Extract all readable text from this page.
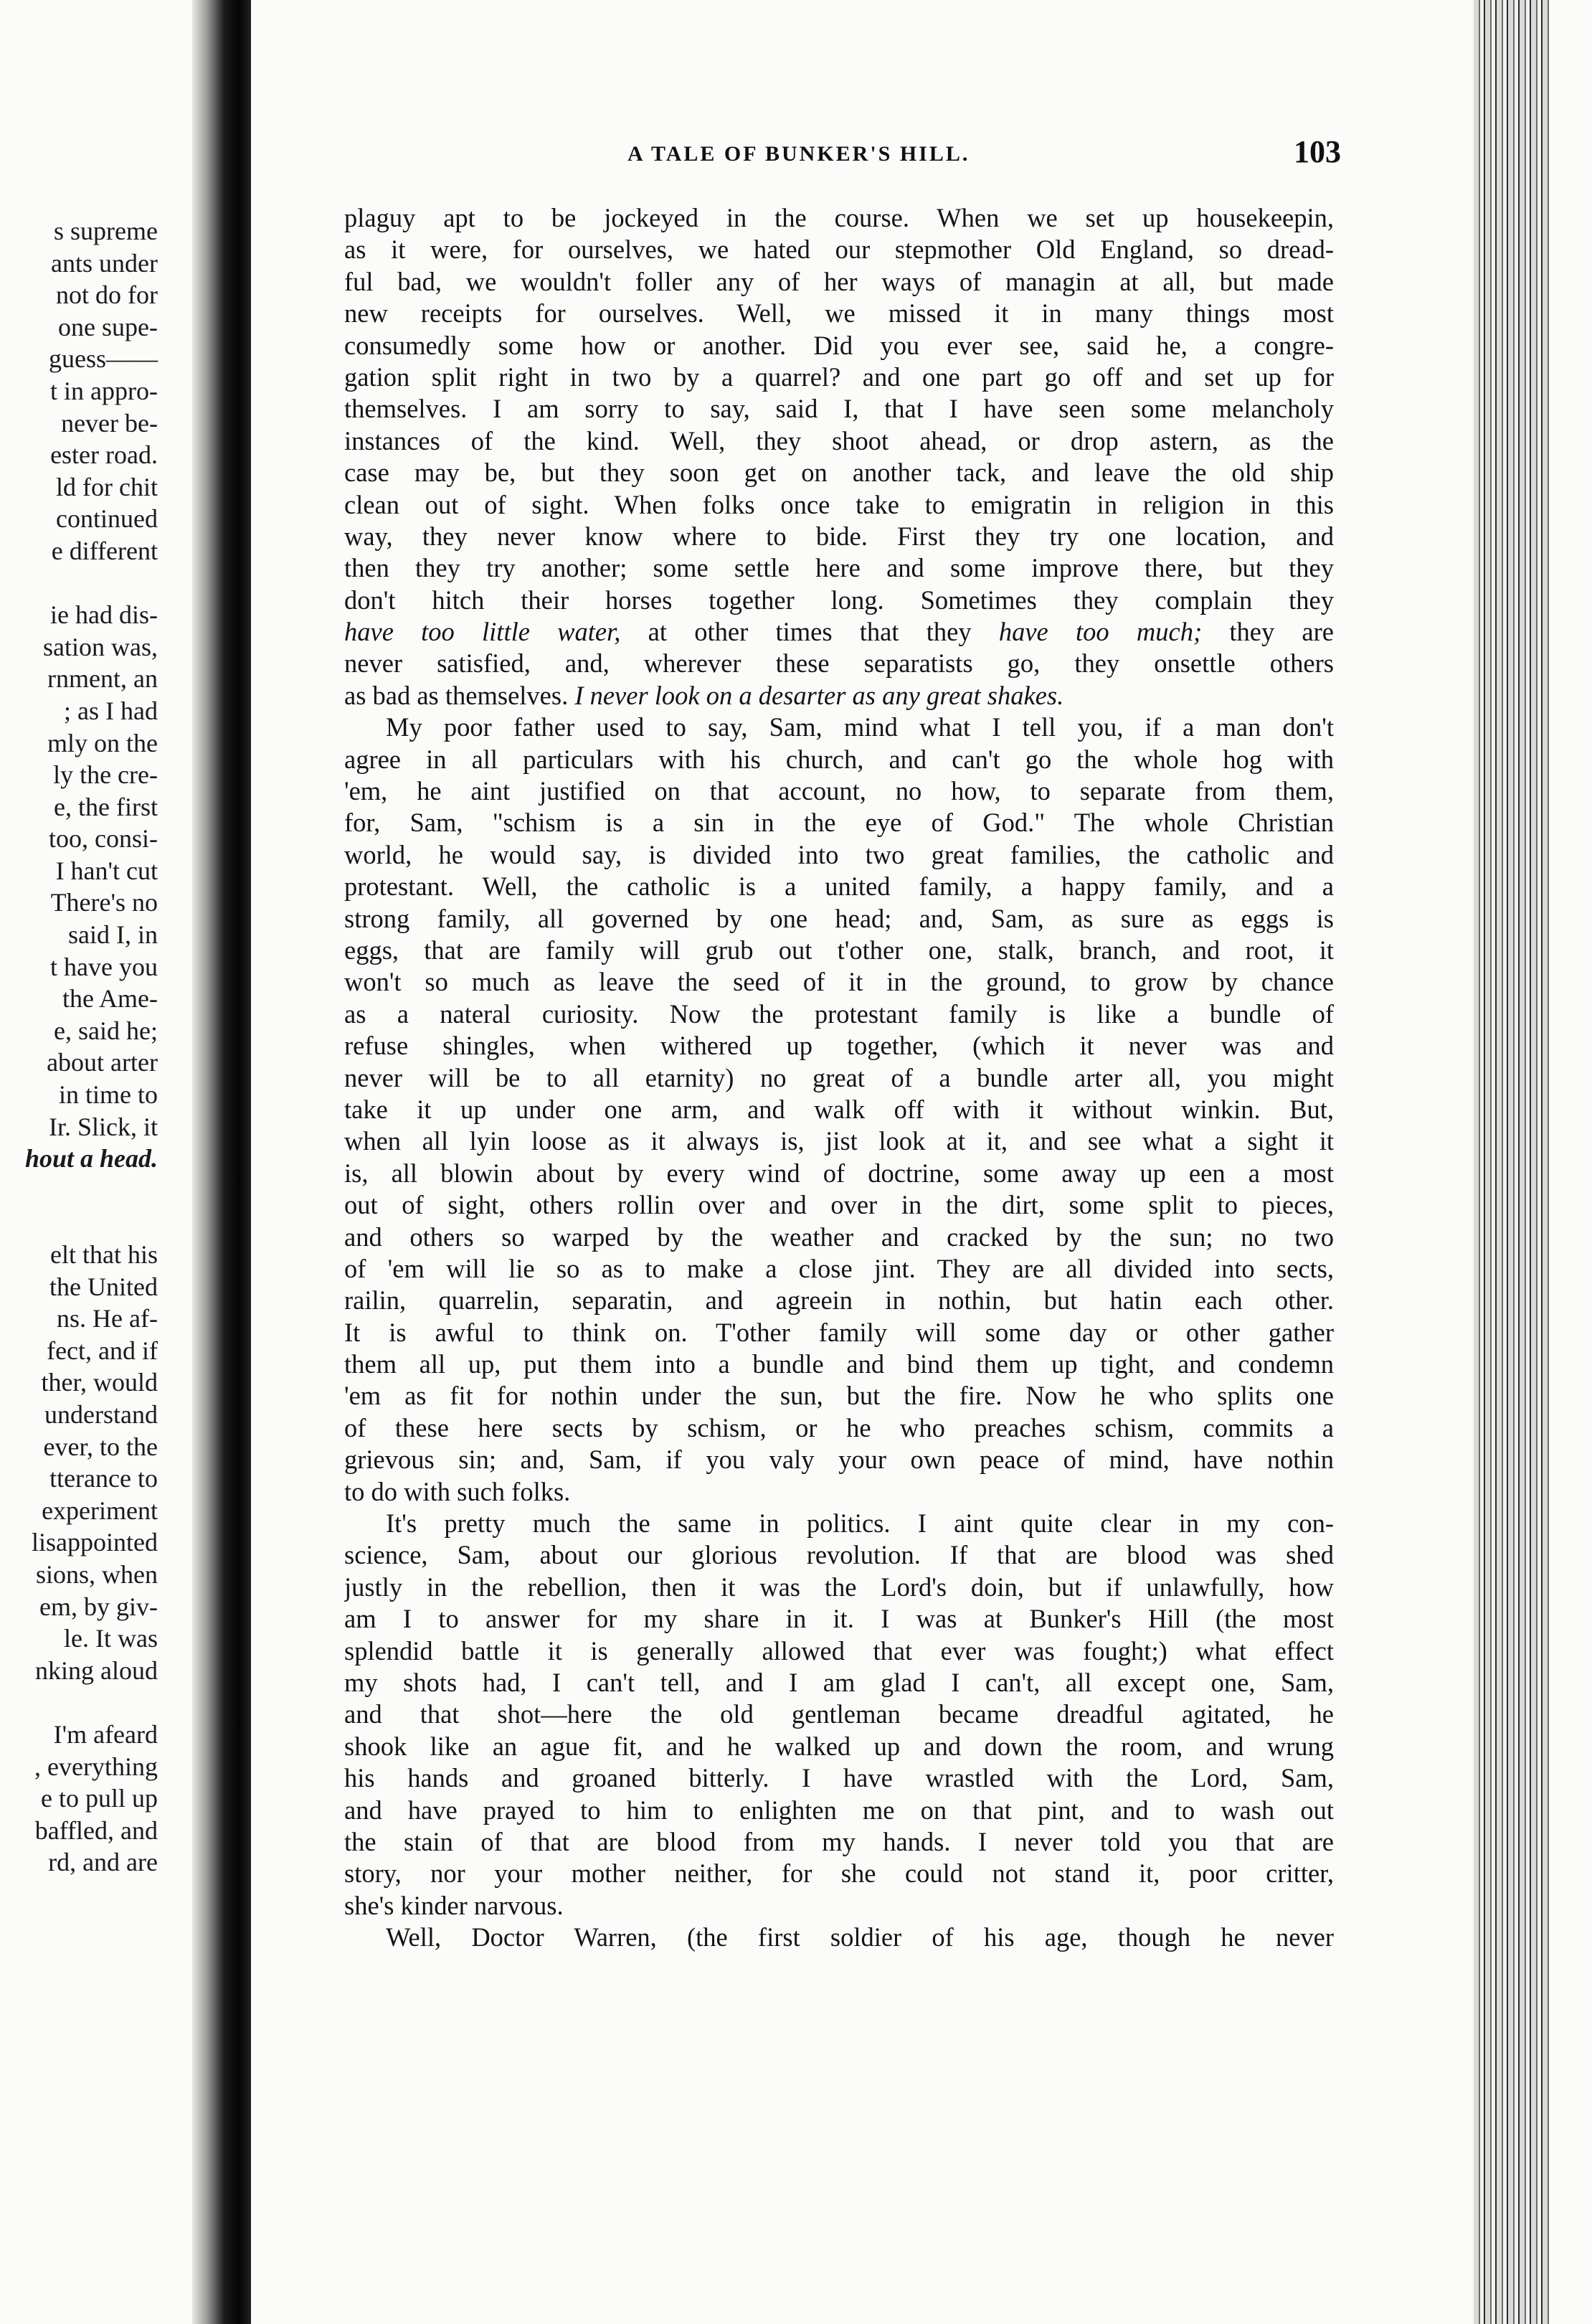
s supreme
ants under
not do for
one supe-
guess——
t in appro-
never be-
ester road.
ld for chit
continued
e different
ie had dis-
sation was,
rnment, an
; as I had
mly on the
ly the cre-
e, the first
too, consi-
I han't cut
There's no
said I, in
t have you
the Ame-
e, said he;
about arter
in time to
Ir. Slick, it
hout a head.
elt that his
the United
ns. He af-
fect, and if
ther, would
understand
ever, to the
tterance to
experiment
lisappointed
sions, when
em, by giv-
le. It was
nking aloud
I'm afeard
, everything
e to pull up
baffled, and
rd, and are
A TALE OF BUNKER'S HILL.	103
plaguy apt to be jockeyed in the course. When we set up housekeepin,
as it were, for ourselves, we hated our stepmother Old England, so dread-
ful bad, we wouldn't foller any of her ways of managin at all, but made
new receipts for ourselves. Well, we missed it in many things most
consumedly some how or another. Did you ever see, said he, a congre-
gation split right in two by a quarrel? and one part go off and set up for
themselves. I am sorry to say, said I, that I have seen some melancholy
instances of the kind. Well, they shoot ahead, or drop astern, as the
case may be, but they soon get on another tack, and leave the old ship
clean out of sight. When folks once take to emigratin in religion in this
way, they never know where to bide. First they try one location, and
then they try another; some settle here and some improve there, but they
don't hitch their horses together long. Sometimes they complain they
have too little water, at other times that they have too much; they are
never satisfied, and, wherever these separatists go, they onsettle others
as bad as themselves. I never look on a desarter as any great shakes.
My poor father used to say, Sam, mind what I tell you, if a man don't
agree in all particulars with his church, and can't go the whole hog with
'em, he aint justified on that account, no how, to separate from them,
for, Sam, "schism is a sin in the eye of God." The whole Christian
world, he would say, is divided into two great families, the catholic and
protestant. Well, the catholic is a united family, a happy family, and a
strong family, all governed by one head; and, Sam, as sure as eggs is
eggs, that are family will grub out t'other one, stalk, branch, and root, it
won't so much as leave the seed of it in the ground, to grow by chance
as a nateral curiosity. Now the protestant family is like a bundle of
refuse shingles, when withered up together, (which it never was and
never will be to all etarnity) no great of a bundle arter all, you might
take it up under one arm, and walk off with it without winkin. But,
when all lyin loose as it always is, jist look at it, and see what a sight it
is, all blowin about by every wind of doctrine, some away up een a most
out of sight, others rollin over and over in the dirt, some split to pieces,
and others so warped by the weather and cracked by the sun; no two
of 'em will lie so as to make a close jint. They are all divided into sects,
railin, quarrelin, separatin, and agreein in nothin, but hatin each other.
It is awful to think on. T'other family will some day or other gather
them all up, put them into a bundle and bind them up tight, and condemn
'em as fit for nothin under the sun, but the fire. Now he who splits one
of these here sects by schism, or he who preaches schism, commits a
grievous sin; and, Sam, if you valy your own peace of mind, have nothin
to do with such folks.
It's pretty much the same in politics. I aint quite clear in my con-
science, Sam, about our glorious revolution. If that are blood was shed
justly in the rebellion, then it was the Lord's doin, but if unlawfully, how
am I to answer for my share in it. I was at Bunker's Hill (the most
splendid battle it is generally allowed that ever was fought;) what effect
my shots had, I can't tell, and I am glad I can't, all except one, Sam,
and that shot—here the old gentleman became dreadful agitated, he
shook like an ague fit, and he walked up and down the room, and wrung
his hands and groaned bitterly. I have wrastled with the Lord, Sam,
and have prayed to him to enlighten me on that pint, and to wash out
the stain of that are blood from my hands. I never told you that are
story, nor your mother neither, for she could not stand it, poor critter,
she's kinder narvous.
Well, Doctor Warren, (the first soldier of his age, though he never
